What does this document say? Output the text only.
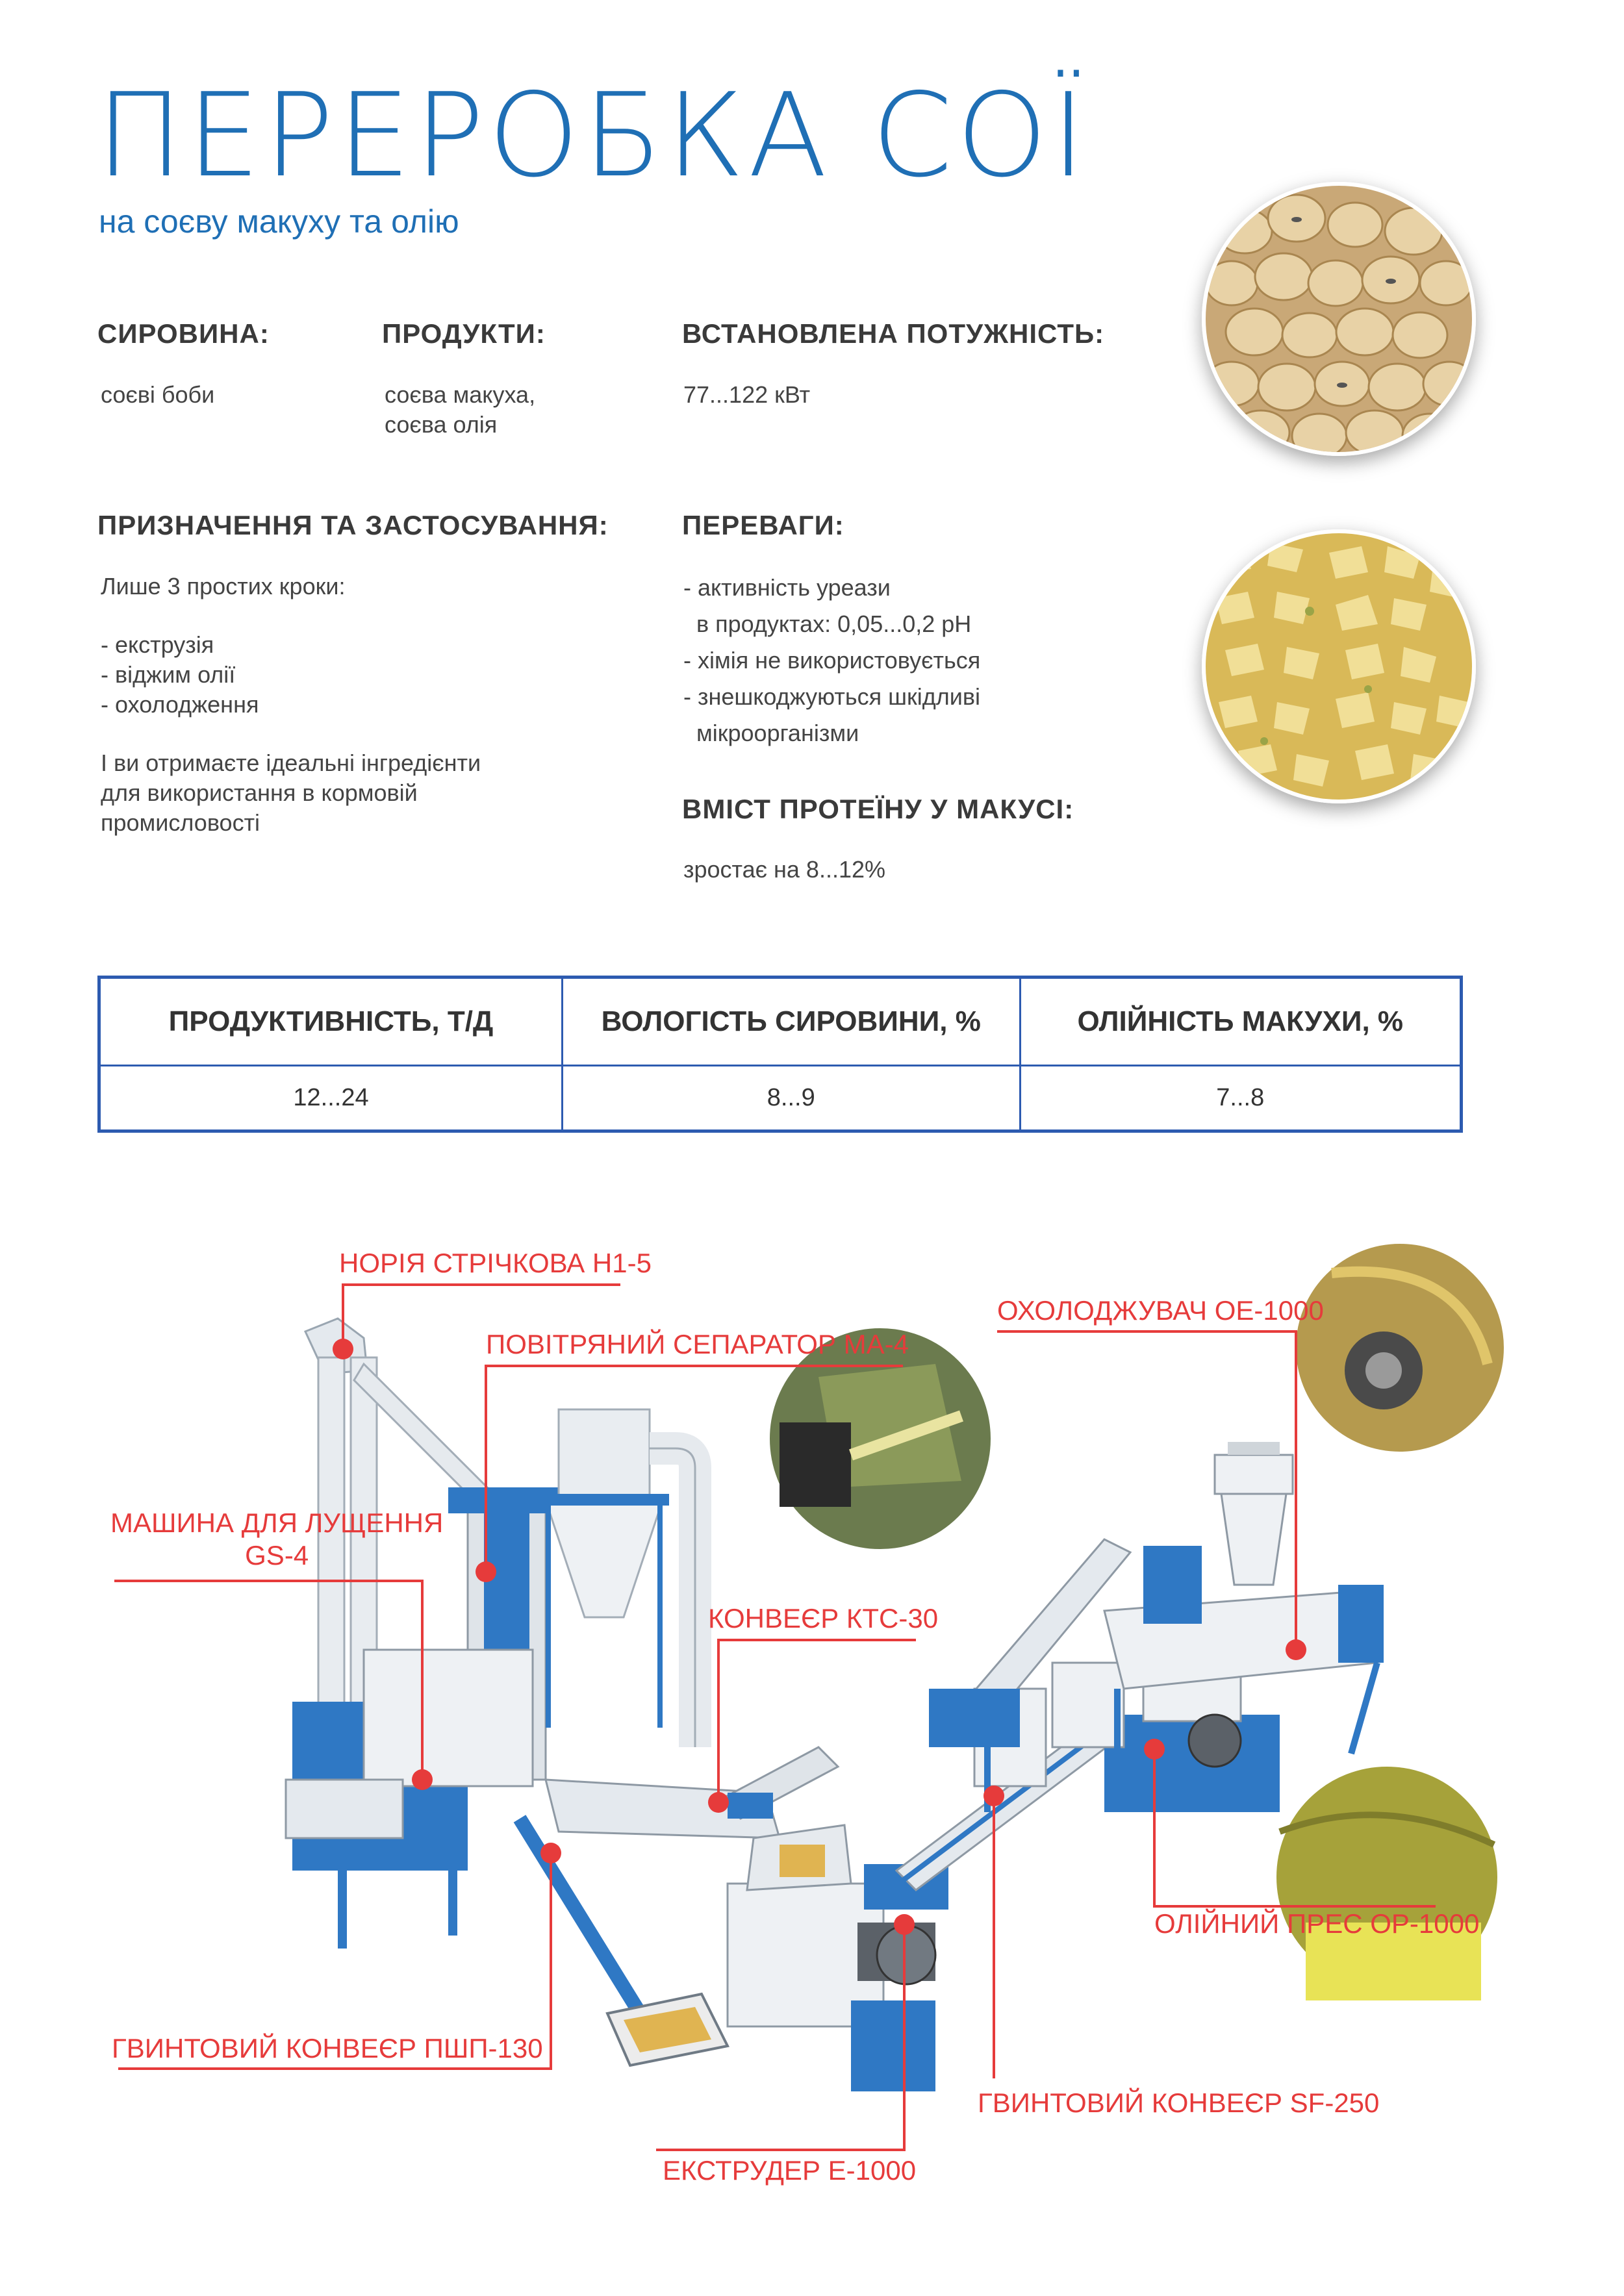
ПЕРЕРОБКА СОЇ
на соєву макуху та олію
СИРОВИНА:
соєві боби
ПРОДУКТИ:
соєва макуха,
соєва олія
ВСТАНОВЛЕНА ПОТУЖНІСТЬ:
77...122 кВт
ПРИЗНАЧЕННЯ ТА ЗАСТОСУВАННЯ:
Лише 3 простих кроки:
- екструзія
- віджим олії
- охолодження
І ви отримаєте ідеальні інгредієнти
для використання в кормовій
промисловості
ПЕРЕВАГИ:
- активність уреази
в продуктах: 0,05...0,2 pH
- хімія не використовується
- знешкоджуються шкідливі
мікроорганізми
ВМІСТ ПРОТЕЇНУ У МАКУСІ:
зростає на 8...12%
ПРОДУКТИВНІСТЬ, Т/Д	ВОЛОГІСТЬ СИРОВИНИ, %	ОЛІЙНІСТЬ МАКУХИ, %
12...24	8...9	7...8
НОРІЯ СТРІЧКОВА Н1-5
ПОВІТРЯНИЙ СЕПАРАТОР МА-4
МАШИНА ДЛЯ ЛУЩЕННЯ
GS-4
КОНВЕЄР КТС-30
ОХОЛОДЖУВАЧ ОЕ-1000
ОЛІЙНИЙ ПРЕС ОР-1000
ГВИНТОВИЙ КОНВЕЄР ПШП-130
ГВИНТОВИЙ КОНВЕЄР SF-250
ЕКСТРУДЕР Е-1000
